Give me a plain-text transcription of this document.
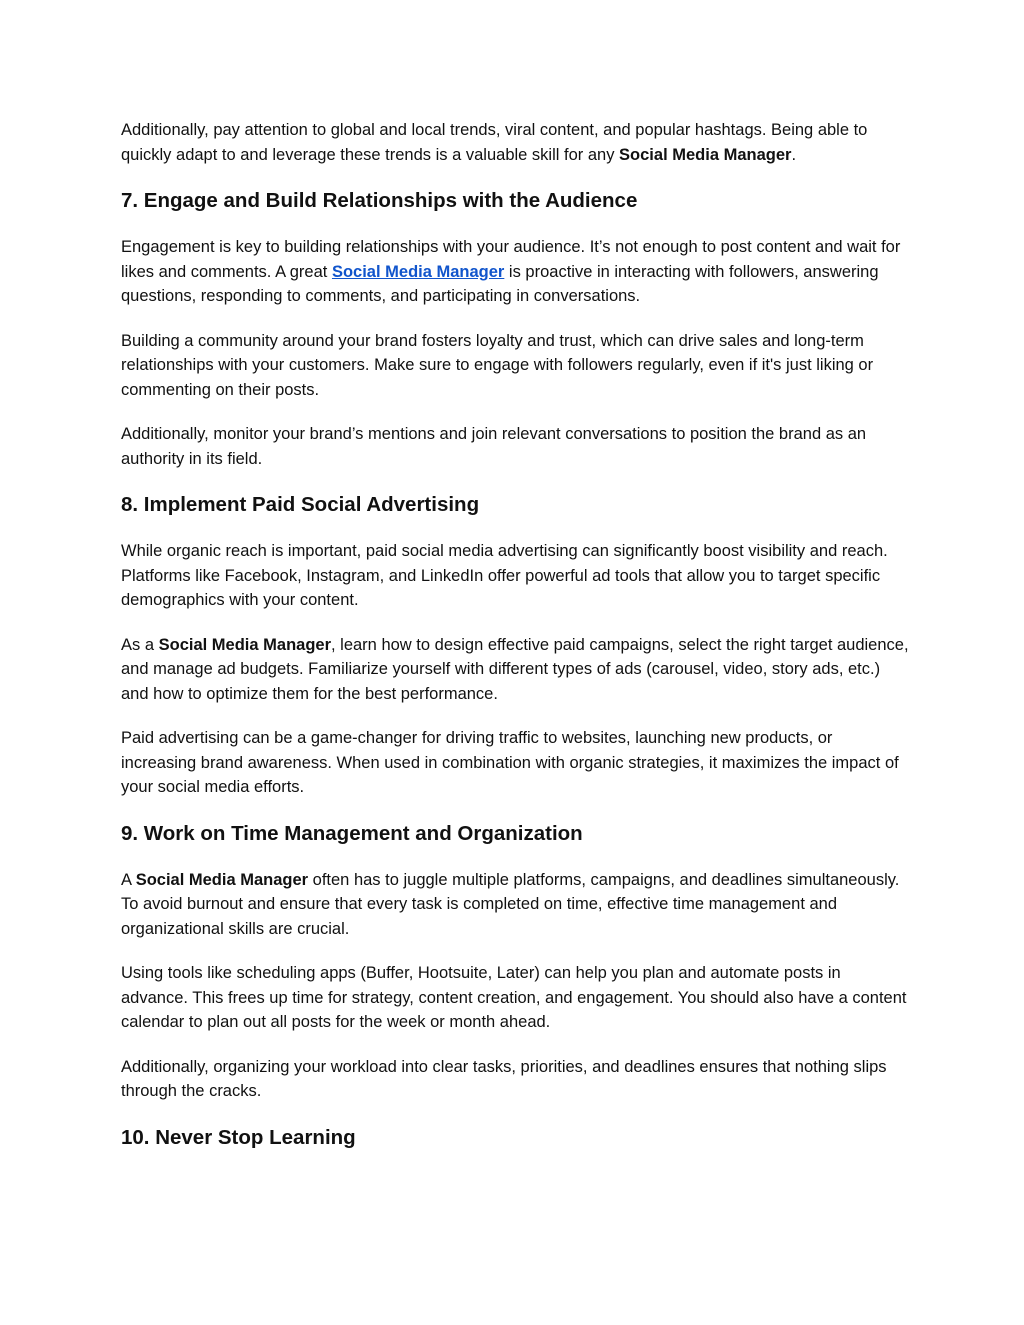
Additionally, pay attention to global and local trends, viral content, and popular hashtags. Being able to quickly adapt to and leverage these trends is a valuable skill for any Social Media Manager.

7. Engage and Build Relationships with the Audience

Engagement is key to building relationships with your audience. It’s not enough to post content and wait for likes and comments. A great Social Media Manager is proactive in interacting with followers, answering questions, responding to comments, and participating in conversations.

Building a community around your brand fosters loyalty and trust, which can drive sales and long-term relationships with your customers. Make sure to engage with followers regularly, even if it's just liking or commenting on their posts.

Additionally, monitor your brand’s mentions and join relevant conversations to position the brand as an authority in its field.

8. Implement Paid Social Advertising

While organic reach is important, paid social media advertising can significantly boost visibility and reach. Platforms like Facebook, Instagram, and LinkedIn offer powerful ad tools that allow you to target specific demographics with your content.

As a Social Media Manager, learn how to design effective paid campaigns, select the right target audience, and manage ad budgets. Familiarize yourself with different types of ads (carousel, video, story ads, etc.) and how to optimize them for the best performance.

Paid advertising can be a game-changer for driving traffic to websites, launching new products, or increasing brand awareness. When used in combination with organic strategies, it maximizes the impact of your social media efforts.

9. Work on Time Management and Organization

A Social Media Manager often has to juggle multiple platforms, campaigns, and deadlines simultaneously. To avoid burnout and ensure that every task is completed on time, effective time management and organizational skills are crucial.

Using tools like scheduling apps (Buffer, Hootsuite, Later) can help you plan and automate posts in advance. This frees up time for strategy, content creation, and engagement. You should also have a content calendar to plan out all posts for the week or month ahead.

Additionally, organizing your workload into clear tasks, priorities, and deadlines ensures that nothing slips through the cracks.

10. Never Stop Learning
